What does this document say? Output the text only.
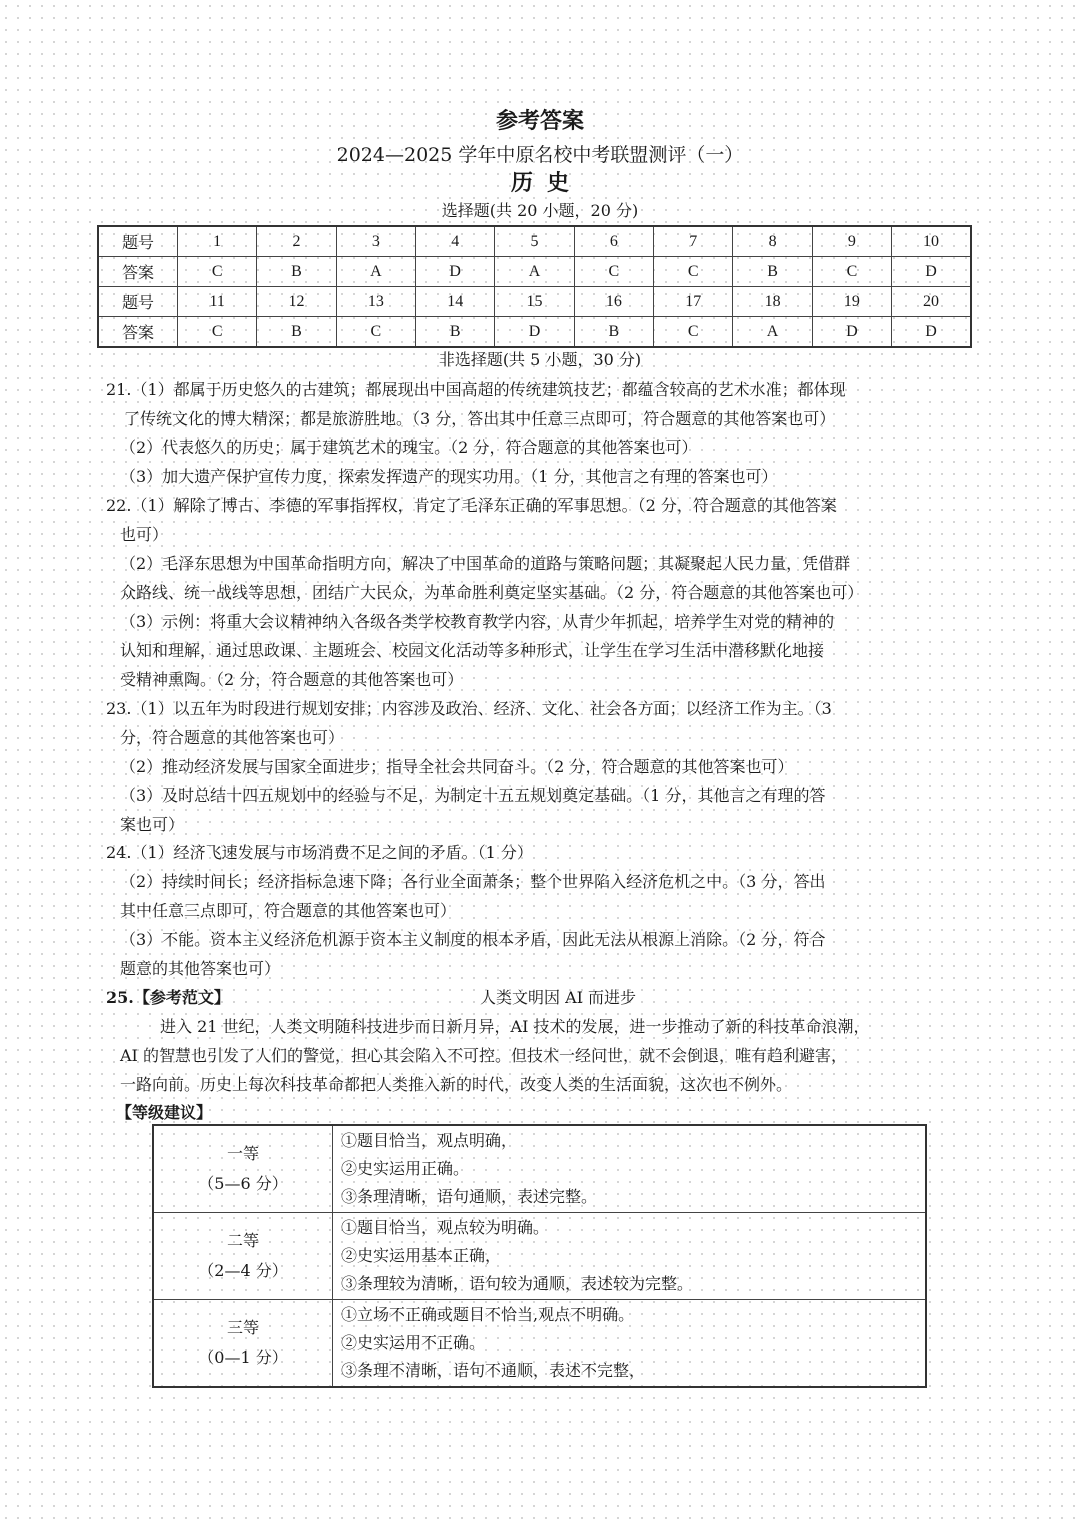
参考答案
2024—2025 学年中原名校中考联盟测评（一）
历史
选择题(共 20 小题，20 分)
题号	1	2	3	4	5	6	7	8	9	10
答案	C	B	A	D	A	C	C	B	C	D
题号	11	12	13	14	15	16	17	18	19	20
答案	C	B	C	B	D	B	C	A	D	D
非选择题(共 5 小题，30 分)
21.（1）都属于历史悠久的古建筑；都展现出中国高超的传统建筑技艺；都蕴含较高的艺术水准；都体现
了传统文化的博大精深；都是旅游胜地。（3 分，答出其中任意三点即可，符合题意的其他答案也可）
（2）代表悠久的历史；属于建筑艺术的瑰宝。（2 分，符合题意的其他答案也可）
（3）加大遗产保护宣传力度，探索发挥遗产的现实功用。（1 分，其他言之有理的答案也可）
22.（1）解除了博古、李德的军事指挥权，肯定了毛泽东正确的军事思想。（2 分，符合题意的其他答案
也可）
（2）毛泽东思想为中国革命指明方向，解决了中国革命的道路与策略问题；其凝聚起人民力量，凭借群
众路线、统一战线等思想，团结广大民众，为革命胜利奠定坚实基础。（2 分，符合题意的其他答案也可）
（3）示例：将重大会议精神纳入各级各类学校教育教学内容，从青少年抓起，培养学生对党的精神的
认知和理解，通过思政课、主题班会、校园文化活动等多种形式，让学生在学习生活中潜移默化地接
受精神熏陶。（2 分，符合题意的其他答案也可）
23.（1）以五年为时段进行规划安排；内容涉及政治、经济、文化、社会各方面；以经济工作为主。（3
分，符合题意的其他答案也可）
（2）推动经济发展与国家全面进步；指导全社会共同奋斗。（2 分，符合题意的其他答案也可）
（3）及时总结十四五规划中的经验与不足，为制定十五五规划奠定基础。（1 分，其他言之有理的答
案也可）
24.（1）经济飞速发展与市场消费不足之间的矛盾。（1 分）
（2）持续时间长；经济指标急速下降；各行业全面萧条；整个世界陷入经济危机之中。（3 分，答出
其中任意三点即可，符合题意的其他答案也可）
（3）不能。资本主义经济危机源于资本主义制度的根本矛盾，因此无法从根源上消除。（2 分，符合
题意的其他答案也可）
25.【参考范文】	人类文明因 AI 而进步
进入 21 世纪，人类文明随科技进步而日新月异，AI 技术的发展，进一步推动了新的科技革命浪潮，
AI 的智慧也引发了人们的警觉，担心其会陷入不可控。但技术一经问世，就不会倒退，唯有趋利避害，
一路向前。历史上每次科技革命都把人类推入新的时代，改变人类的生活面貌，这次也不例外。
【等级建议】
一等
（5—6 分）

①题目恰当，观点明确，
②史实运用正确。
③条理清晰，语句通顺，表述完整。

二等
（2—4 分）

①题目恰当，观点较为明确。
②史实运用基本正确，
③条理较为清晰，语句较为通顺，表述较为完整。

三等
（0—1 分）

①立场不正确或题目不恰当,观点不明确。
②史实运用不正确。
③条理不清晰，语句不通顺，表述不完整，
